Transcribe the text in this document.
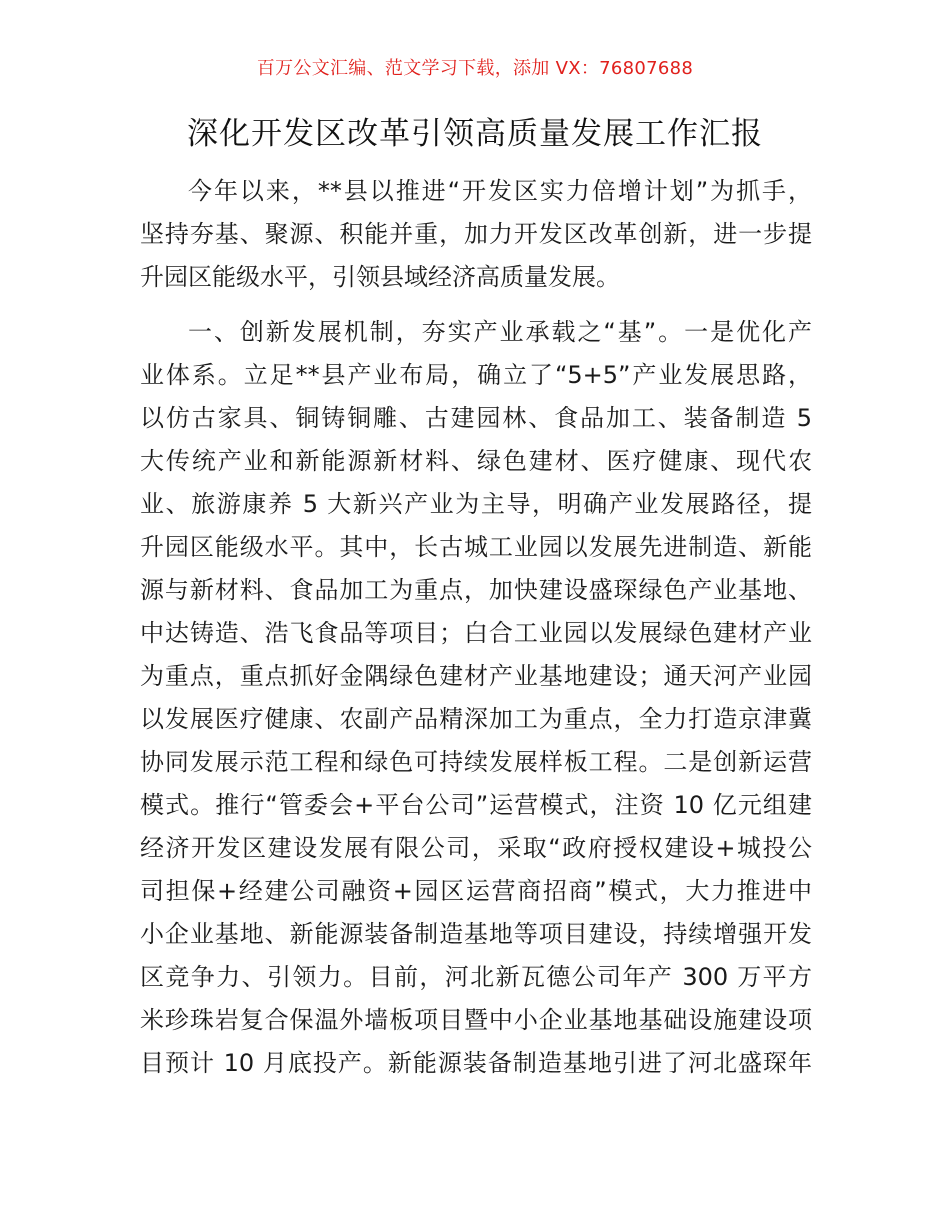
百万公文汇编、范文学习下载，添加 VX：76807688
深化开发区改革引领高质量发展工作汇报
今年以来，**县以推进“开发区实力倍增计划”为抓手，
坚持夯基、聚源、积能并重，加力开发区改革创新，进一步提
升园区能级水平，引领县域经济高质量发展。
一、创新发展机制，夯实产业承载之“基”。一是优化产
业体系。立足**县产业布局，确立了“5+5”产业发展思路，
以仿古家具、铜铸铜雕、古建园林、食品加工、装备制造 5
大传统产业和新能源新材料、绿色建材、医疗健康、现代农
业、旅游康养 5 大新兴产业为主导，明确产业发展路径，提
升园区能级水平。其中，长古城工业园以发展先进制造、新能
源与新材料、食品加工为重点，加快建设盛琛绿色产业基地、
中达铸造、浩飞食品等项目；白合工业园以发展绿色建材产业
为重点，重点抓好金隅绿色建材产业基地建设；通天河产业园
以发展医疗健康、农副产品精深加工为重点，全力打造京津冀
协同发展示范工程和绿色可持续发展样板工程。二是创新运营
模式。推行“管委会+平台公司”运营模式，注资 10 亿元组建
经济开发区建设发展有限公司，采取“政府授权建设+城投公
司担保+经建公司融资+园区运营商招商”模式，大力推进中
小企业基地、新能源装备制造基地等项目建设，持续增强开发
区竞争力、引领力。目前，河北新瓦德公司年产 300 万平方
米珍珠岩复合保温外墙板项目暨中小企业基地基础设施建设项
目预计 10 月底投产。新能源装备制造基地引进了河北盛琛年
